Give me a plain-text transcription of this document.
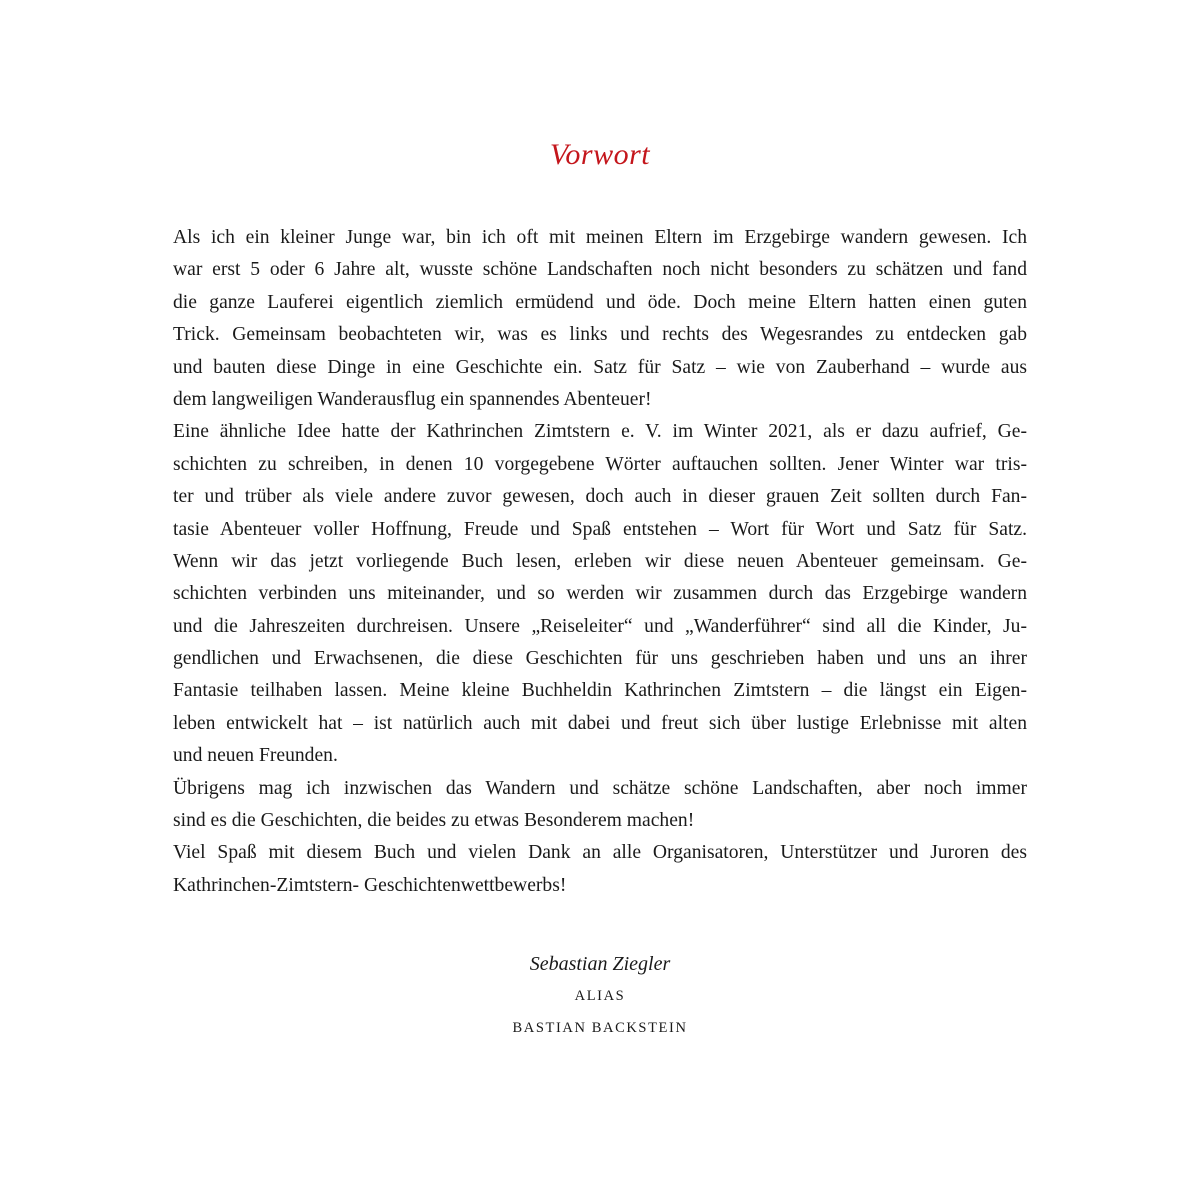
Vorwort
Als ich ein kleiner Junge war, bin ich oft mit meinen Eltern im Erzgebirge wandern gewesen. Ich
war erst 5 oder 6 Jahre alt, wusste schöne Landschaften noch nicht besonders zu schätzen und fand
die ganze Lauferei eigentlich ziemlich ermüdend und öde. Doch meine Eltern hatten einen guten
Trick. Gemeinsam beobachteten wir, was es links und rechts des Wegesrandes zu entdecken gab
und bauten diese Dinge in eine Geschichte ein. Satz für Satz – wie von Zauberhand – wurde aus
dem langweiligen Wanderausflug ein spannendes Abenteuer!
Eine ähnliche Idee hatte der Kathrinchen Zimtstern e. V. im Winter 2021, als er dazu aufrief, Ge-
schichten zu schreiben, in denen 10 vorgegebene Wörter auftauchen sollten. Jener Winter war tris-
ter und trüber als viele andere zuvor gewesen, doch auch in dieser grauen Zeit sollten durch Fan-
tasie Abenteuer voller Hoffnung, Freude und Spaß entstehen – Wort für Wort und Satz für Satz.
Wenn wir das jetzt vorliegende Buch lesen, erleben wir diese neuen Abenteuer gemeinsam. Ge-
schichten verbinden uns miteinander, und so werden wir zusammen durch das Erzgebirge wandern
und die Jahreszeiten durchreisen. Unsere „Reiseleiter“ und „Wanderführer“ sind all die Kinder, Ju-
gendlichen und Erwachsenen, die diese Geschichten für uns geschrieben haben und uns an ihrer
Fantasie teilhaben lassen. Meine kleine Buchheldin Kathrinchen Zimtstern – die längst ein Eigen-
leben entwickelt hat – ist natürlich auch mit dabei und freut sich über lustige Erlebnisse mit alten
und neuen Freunden.
Übrigens mag ich inzwischen das Wandern und schätze schöne Landschaften, aber noch immer
sind es die Geschichten, die beides zu etwas Besonderem machen!
Viel Spaß mit diesem Buch und vielen Dank an alle Organisatoren, Unterstützer und Juroren des
Kathrinchen-Zimtstern- Geschichtenwettbewerbs!
Sebastian Ziegler
ALIAS
BASTIAN BACKSTEIN
